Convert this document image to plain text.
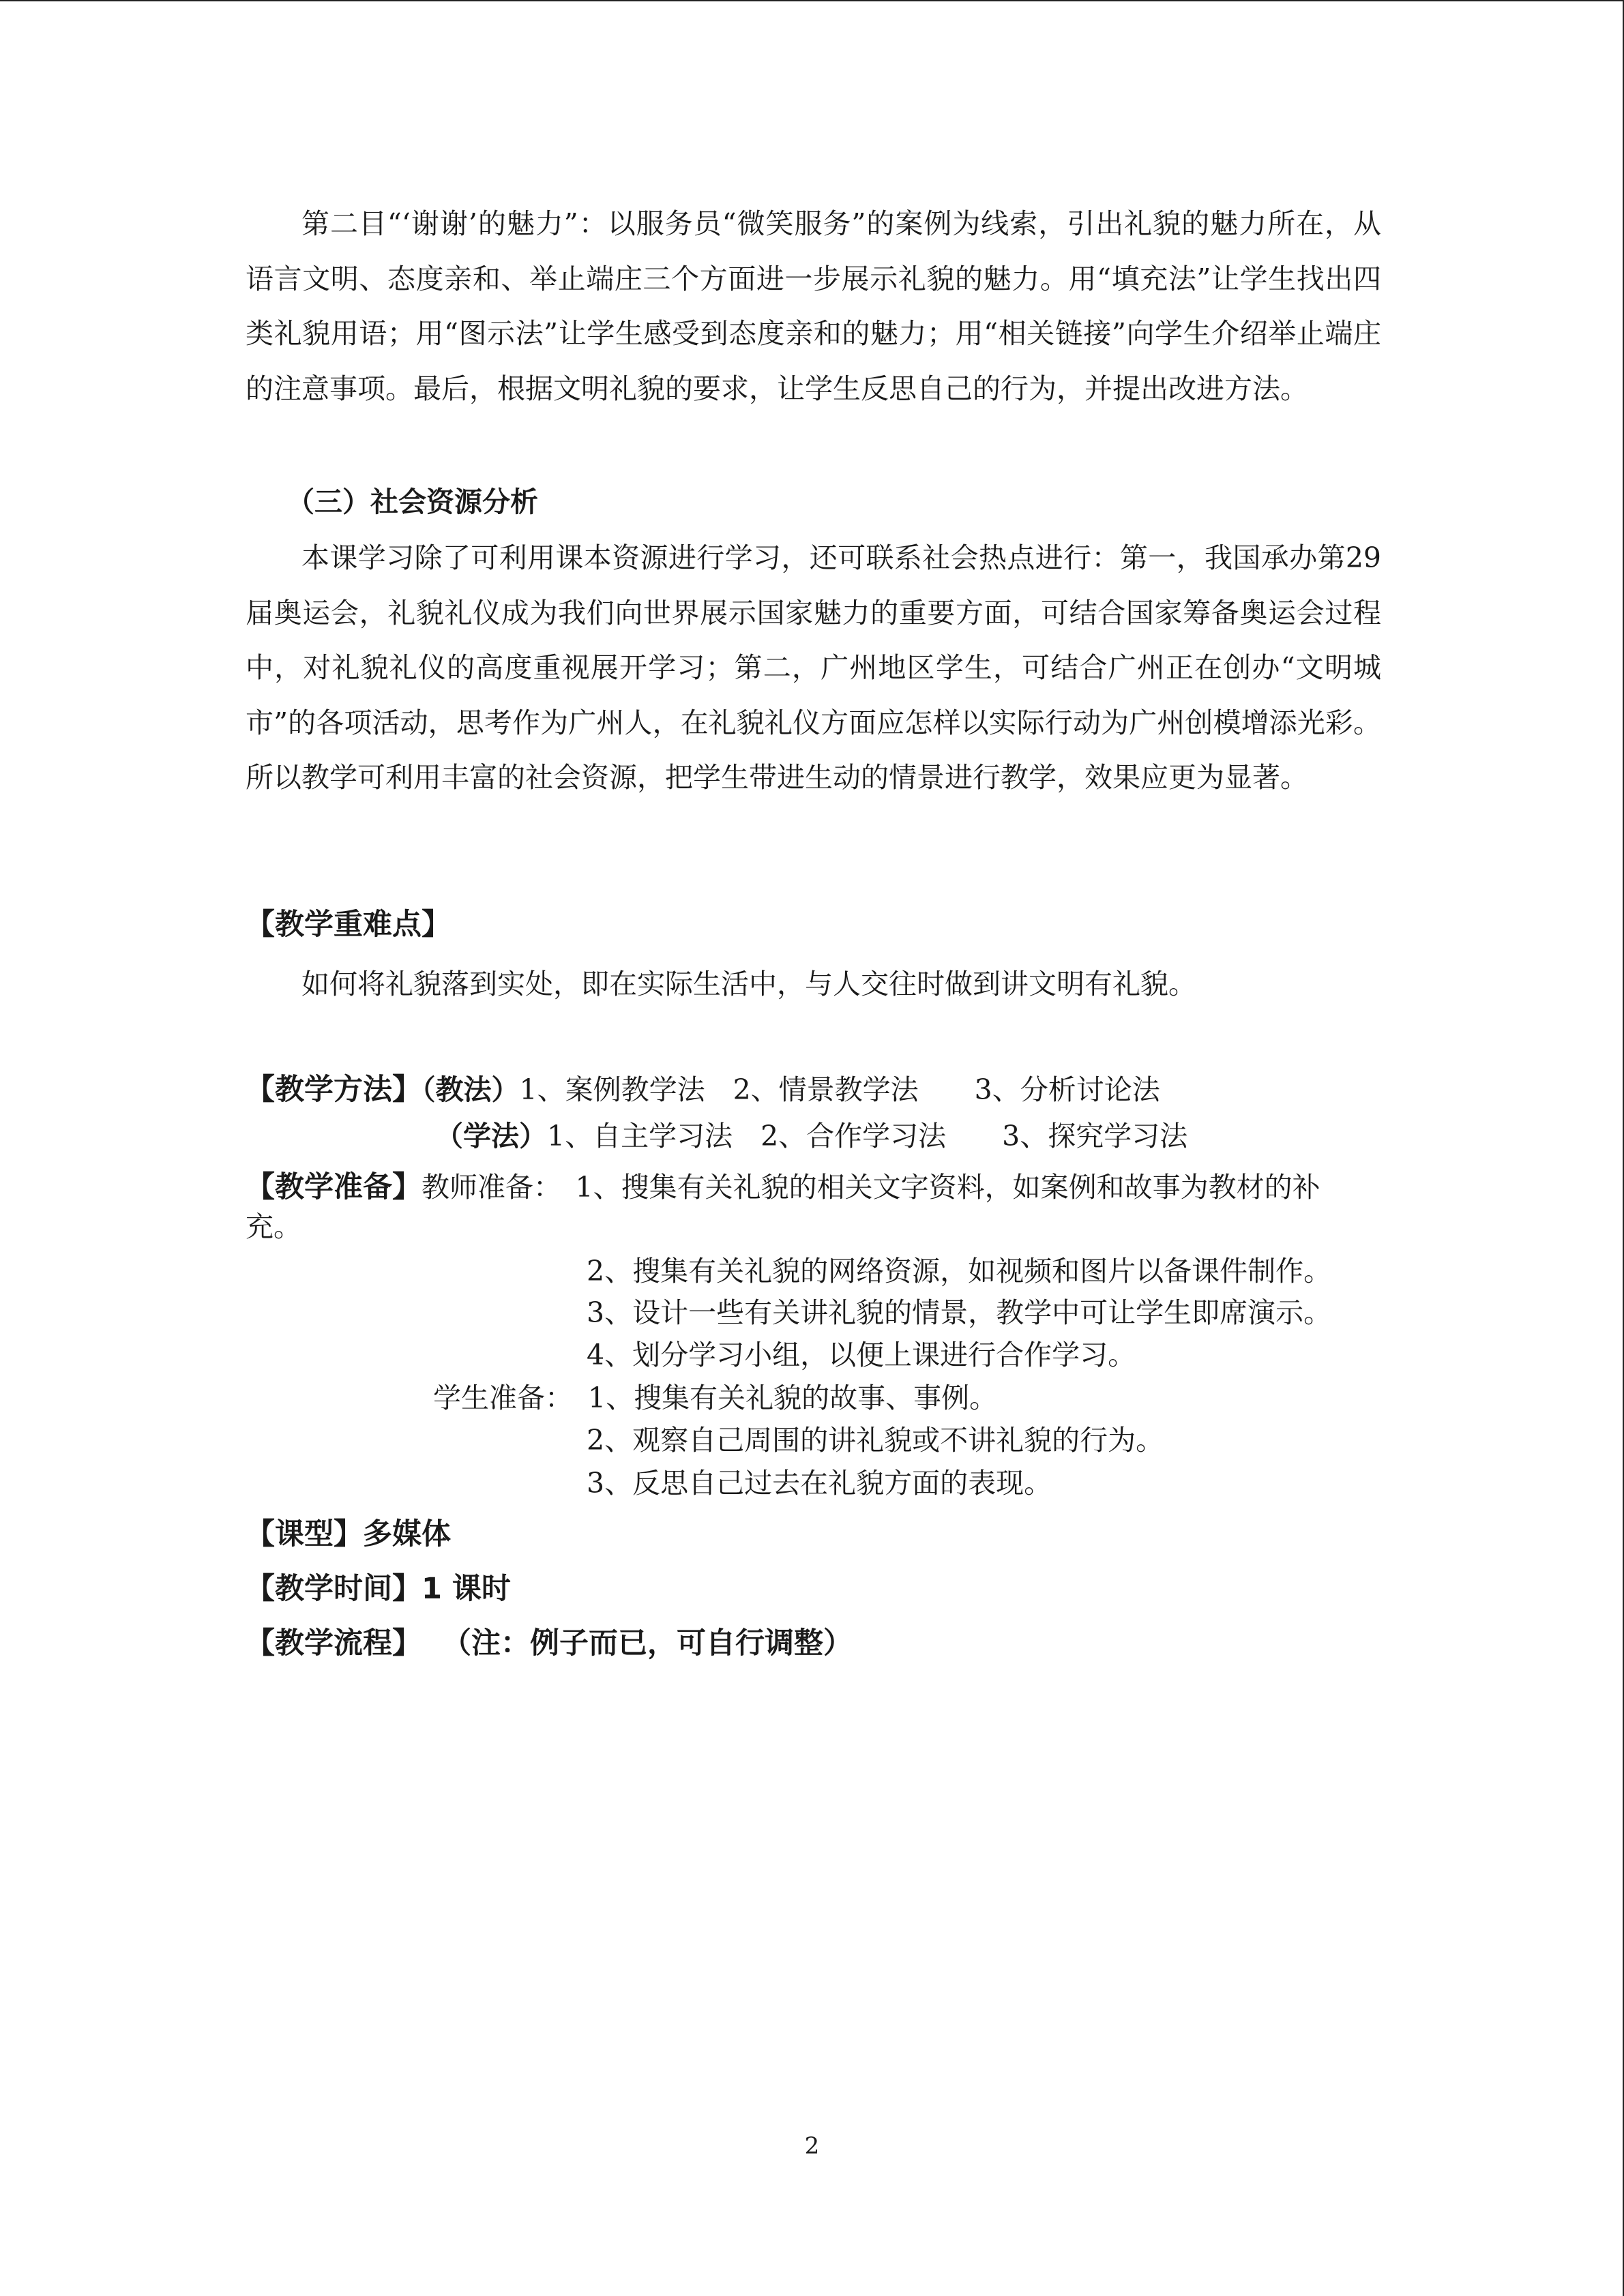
第二目“‘谢谢’的魅力”：以服务员“微笑服务”的案例为线索，引出礼貌的魅力所在，从语言文明、态度亲和、举止端庄三个方面进一步展示礼貌的魅力。用“填充法”让学生找出四类礼貌用语；用“图示法”让学生感受到态度亲和的魅力；用“相关链接”向学生介绍举止端庄的注意事项。最后，根据文明礼貌的要求，让学生反思自己的行为，并提出改进方法。

（三）社会资源分析

本课学习除了可利用课本资源进行学习，还可联系社会热点进行：第一，我国承办第29届奥运会，礼貌礼仪成为我们向世界展示国家魅力的重要方面，可结合国家筹备奥运会过程中，对礼貌礼仪的高度重视展开学习；第二，广州地区学生，可结合广州正在创办“文明城市”的各项活动，思考作为广州人，在礼貌礼仪方面应怎样以实际行动为广州创模增添光彩。所以教学可利用丰富的社会资源，把学生带进生动的情景进行教学，效果应更为显著。

【教学重难点】
如何将礼貌落到实处，即在实际生活中，与人交往时做到讲文明有礼貌。
【教学方法】（教法）1、案例教学法　2、情景教学法　　3、分析讨论法
（学法）1、自主学习法　2、合作学习法　　3、探究学习法
【教学准备】教师准备：　1、搜集有关礼貌的相关文字资料，如案例和故事为教材的补
充。
2、搜集有关礼貌的网络资源，如视频和图片以备课件制作。
3、设计一些有关讲礼貌的情景，教学中可让学生即席演示。
4、划分学习小组，以便上课进行合作学习。
学生准备： 1、搜集有关礼貌的故事、事例。
2、观察自己周围的讲礼貌或不讲礼貌的行为。
3、反思自己过去在礼貌方面的表现。
【课型】多媒体
【教学时间】1 课时
【教学流程】 （注：例子而已，可自行调整）
2
